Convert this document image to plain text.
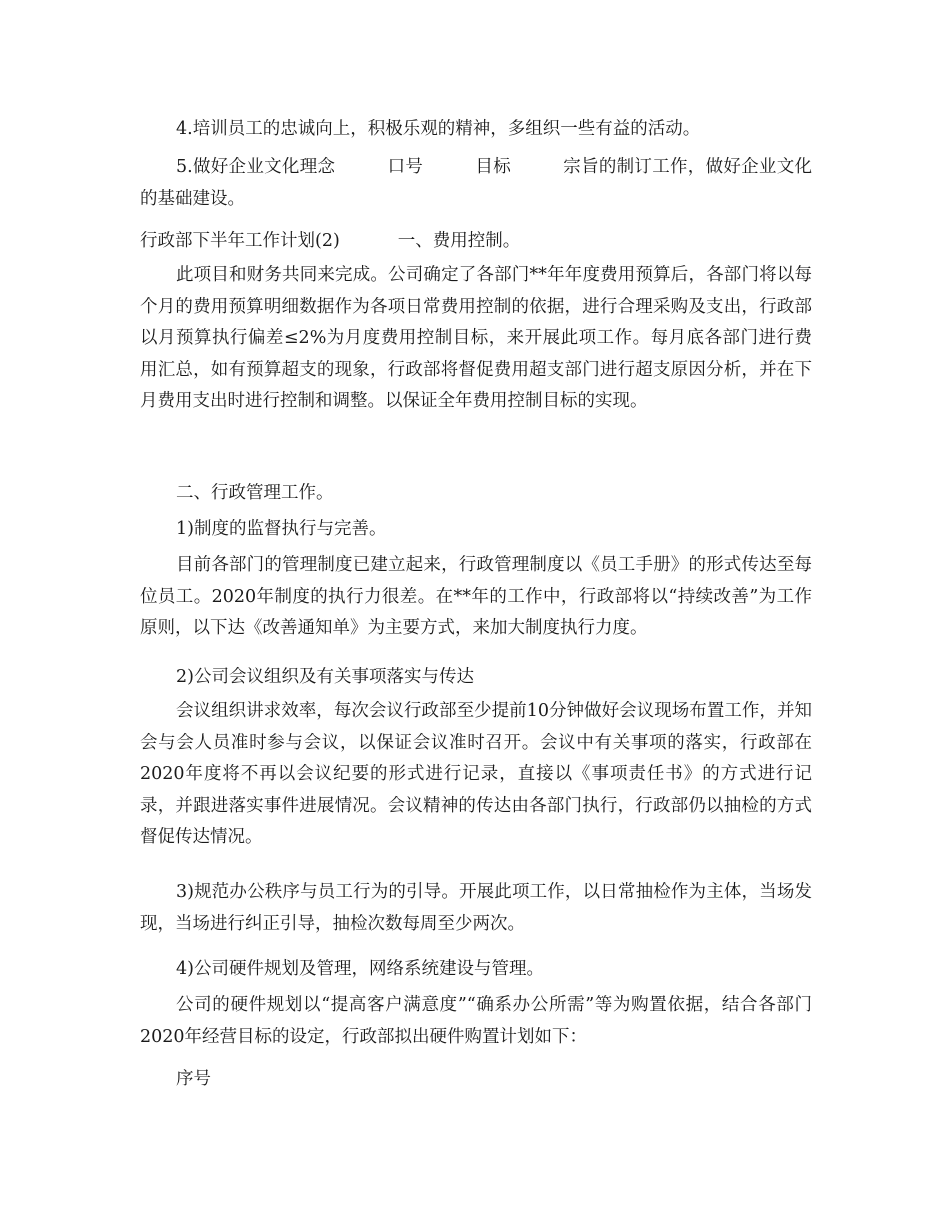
4.培训员工的忠诚向上，积极乐观的精神，多组织一些有益的活动。

5.做好企业文化理念	口号	目标	宗旨的制订工作，做好企业文化的基础建设。

行政部下半年工作计划(2)	一、费用控制。

此项目和财务共同来完成。公司确定了各部门**年年度费用预算后，各部门将以每个月的费用预算明细数据作为各项日常费用控制的依据，进行合理采购及支出，行政部以月预算执行偏差≤2%为月度费用控制目标，来开展此项工作。每月底各部门进行费用汇总，如有预算超支的现象，行政部将督促费用超支部门进行超支原因分析，并在下月费用支出时进行控制和调整。以保证全年费用控制目标的实现。

二、行政管理工作。

1)制度的监督执行与完善。

目前各部门的管理制度已建立起来，行政管理制度以《员工手册》的形式传达至每位员工。2020年制度的执行力很差。在**年的工作中，行政部将以“持续改善”为工作原则，以下达《改善通知单》为主要方式，来加大制度执行力度。

2)公司会议组织及有关事项落实与传达

会议组织讲求效率，每次会议行政部至少提前10分钟做好会议现场布置工作，并知会与会人员准时参与会议，以保证会议准时召开。会议中有关事项的落实，行政部在2020年度将不再以会议纪要的形式进行记录，直接以《事项责任书》的方式进行记录，并跟进落实事件进展情况。会议精神的传达由各部门执行，行政部仍以抽检的方式督促传达情况。

3)规范办公秩序与员工行为的引导。开展此项工作，以日常抽检作为主体，当场发现，当场进行纠正引导，抽检次数每周至少两次。

4)公司硬件规划及管理，网络系统建设与管理。

公司的硬件规划以“提高客户满意度”“确系办公所需”等为购置依据，结合各部门2020年经营目标的设定，行政部拟出硬件购置计划如下：

序号
